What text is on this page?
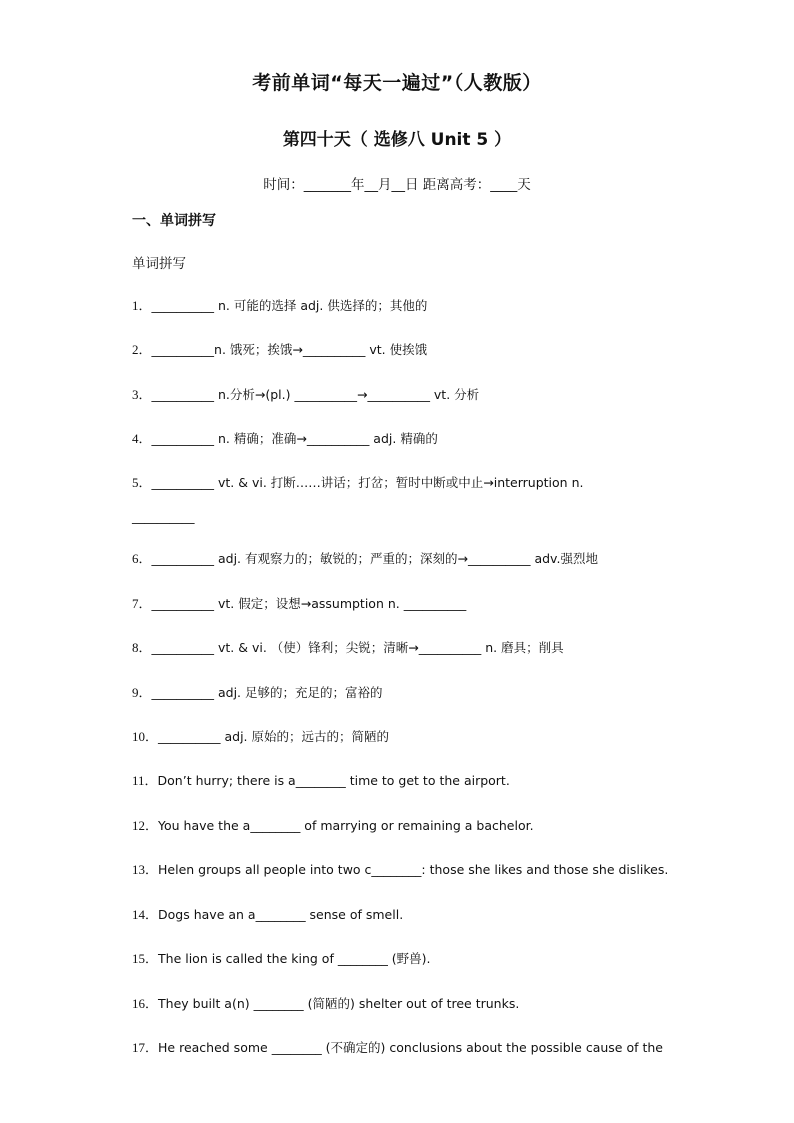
考前单词“每天一遍过”（人教版）
第四十天（ 选修八 Unit 5 ）
时间：_______年__月__日 距离高考：____天
一、单词拼写
单词拼写
1．__________ n. 可能的选择 adj. 供选择的；其他的
2．__________n. 饿死；挨饿→__________ vt. 使挨饿
3．__________ n.分析→(pl.) __________→__________ vt. 分析
4．__________ n. 精确；准确→__________ adj. 精确的
5．__________ vt. & vi. 打断……讲话；打岔；暂时中断或中止→interruption n. __________
6．__________ adj. 有观察力的；敏锐的；严重的；深刻的→__________ adv.强烈地
7．__________ vt. 假定；设想→assumption n. __________
8．__________ vt. & vi. （使）锋利；尖锐；清晰→__________ n. 磨具；削具
9．__________ adj. 足够的；充足的；富裕的
10．__________ adj. 原始的；远古的；简陋的
11．Don’t hurry; there is a________ time to get to the airport.
12．You have the a________ of marrying or remaining a bachelor.
13．Helen groups all people into two c________: those she likes and those she dislikes.
14．Dogs have an a________ sense of smell.
15．The lion is called the king of ________ (野兽).
16．They built a(n) ________ (简陋的) shelter out of tree trunks.
17．He reached some ________ (不确定的) conclusions about the possible cause of the
